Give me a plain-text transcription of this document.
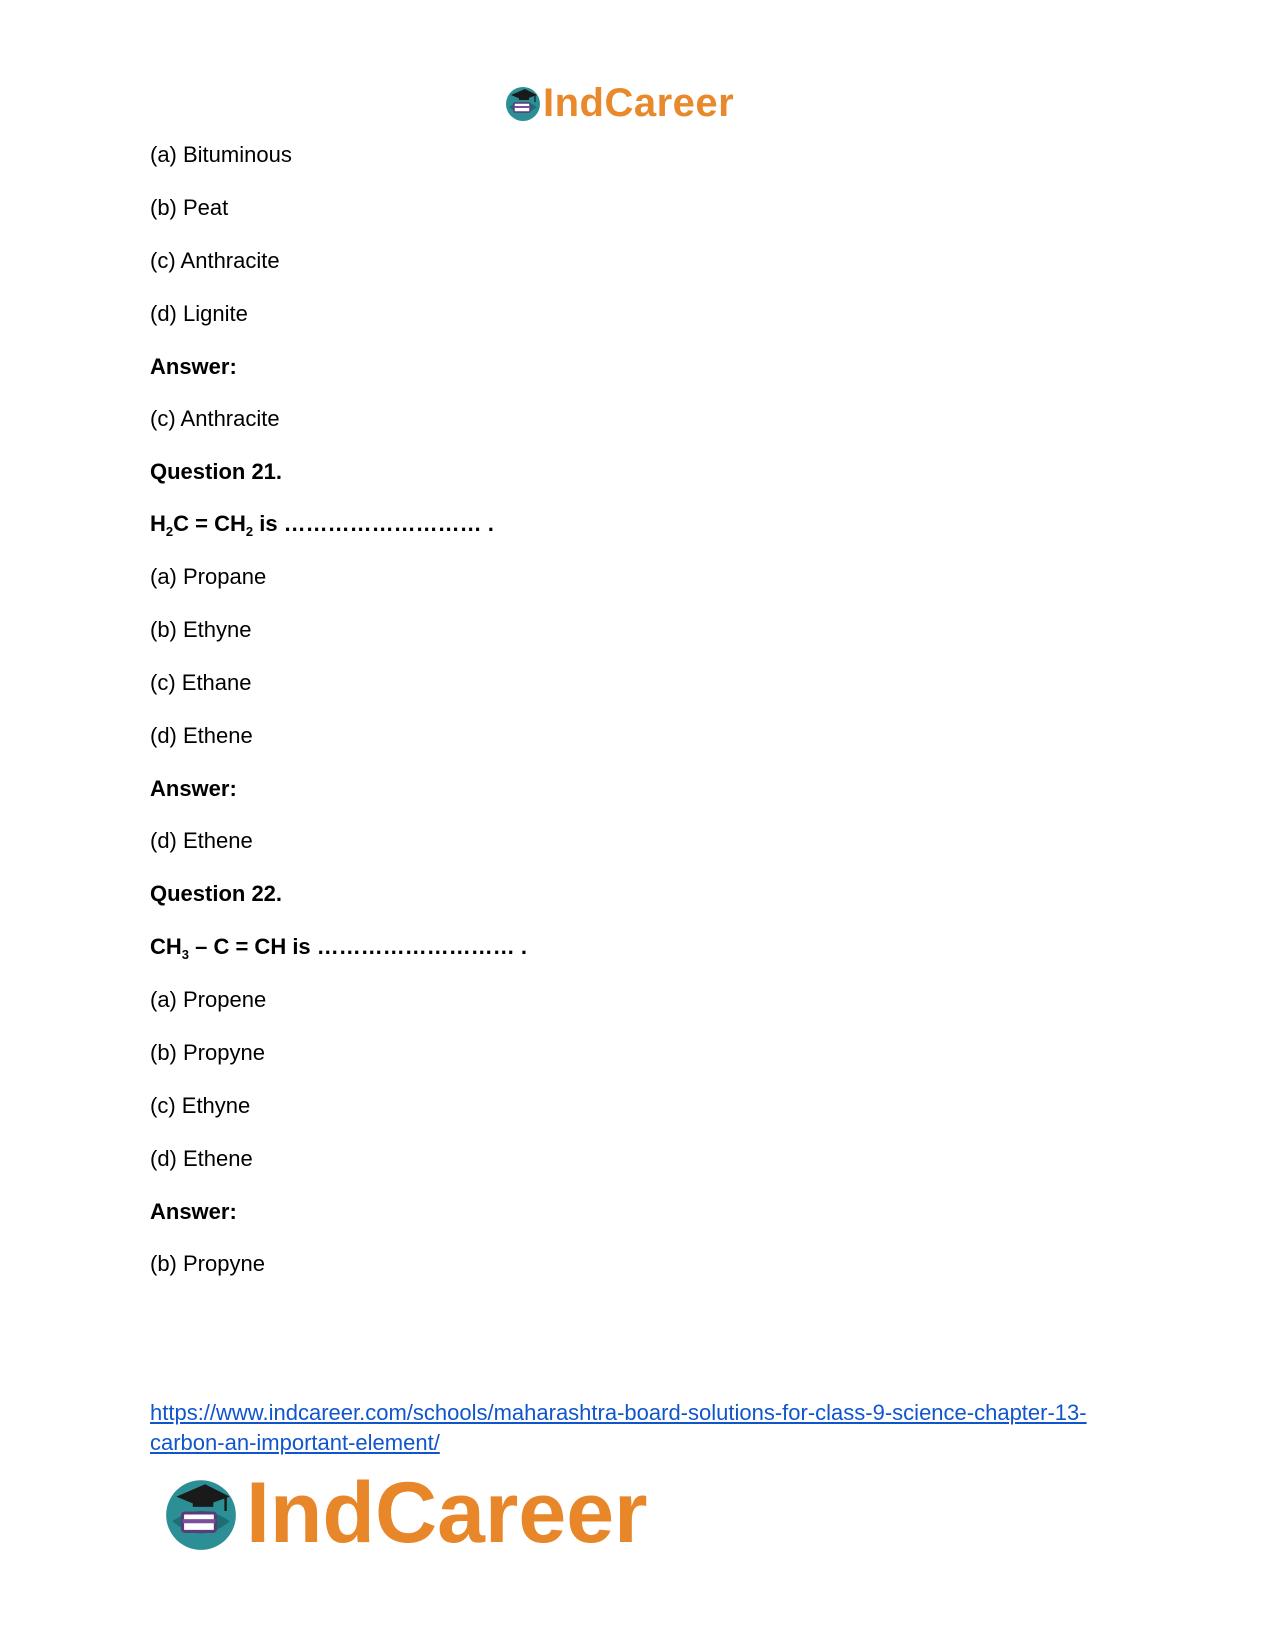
IndCareer
(a) Bituminous
(b) Peat
(c) Anthracite
(d) Lignite
Answer:
(c) Anthracite
Question 21.
$H_2C = CH_2$ is ……………………… .
(a) Propane
(b) Ethyne
(c) Ethane
(d) Ethene
Answer:
(d) Ethene
Question 22.
$CH_3$ – C = CH is ……………………… .
(a) Propene
(b) Propyne
(c) Ethyne
(d) Ethene
Answer:
(b) Propyne
https://www.indcareer.com/schools/maharashtra-board-solutions-for-class-9-science-chapter-13-
carbon-an-important-element/
IndCareer
